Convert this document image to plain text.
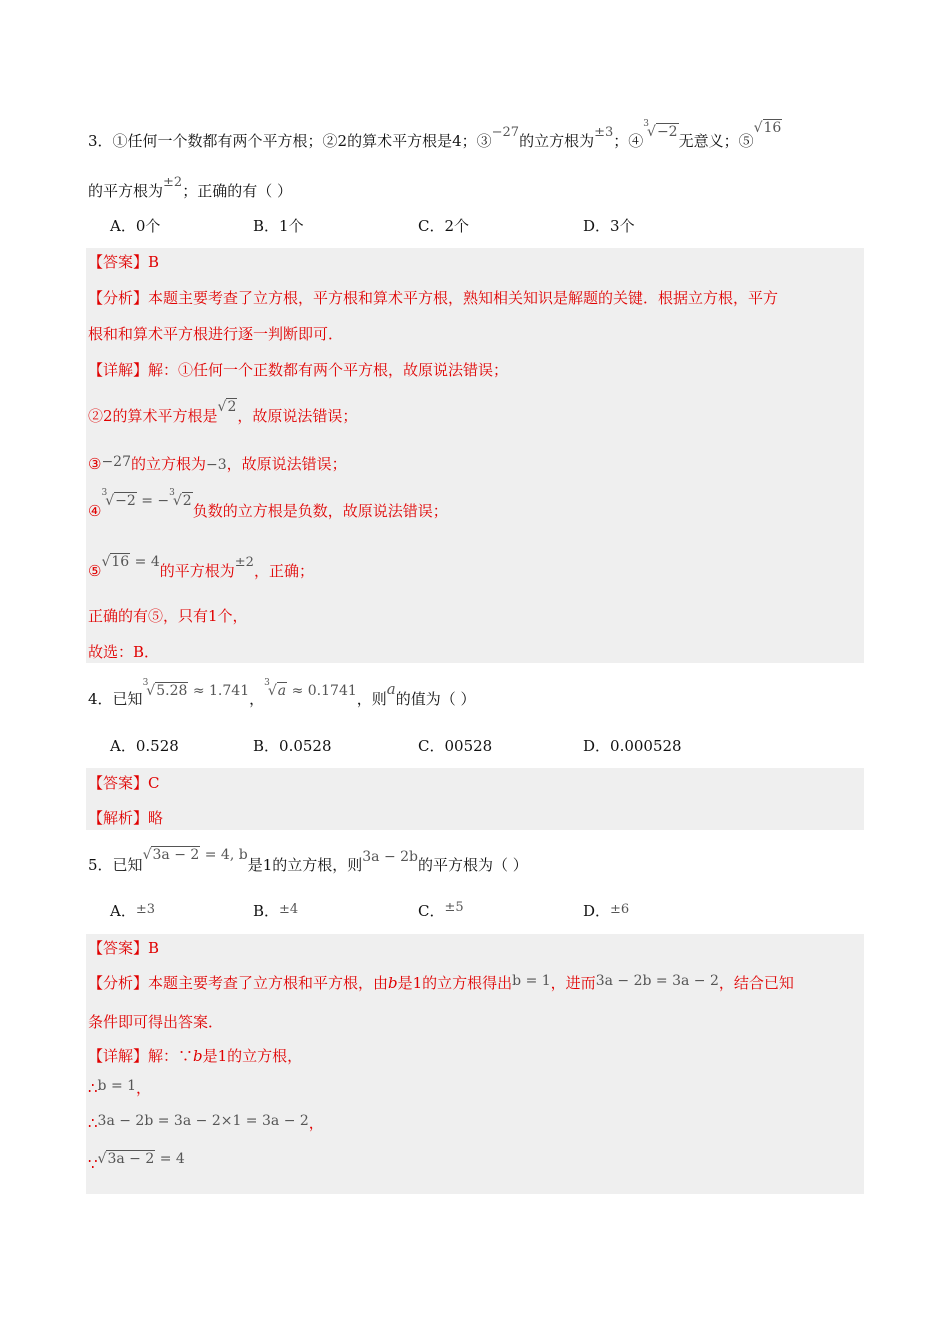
3．①任何一个数都有两个平方根；②2的算术平方根是4；③−27的立方根为±3；④$^3$√−2无意义；⑤√16
的平方根为±2；正确的有（ ）
A．0个	B．1个	C．2个	D．3个
【答案】B
【分析】本题主要考查了立方根，平方根和算术平方根，熟知相关知识是解题的关键．根据立方根，平方
根和和算术平方根进行逐一判断即可．
【详解】解：①任何一个正数都有两个平方根，故原说法错误；
②2的算术平方根是√2，故原说法错误；
③−27的立方根为−3，故原说法错误；
④$^3$√−2 = −$^3$√2负数的立方根是负数，故原说法错误；
⑤√16 = 4的平方根为±2，正确；
正确的有⑤，只有1个，
故选：B．
4．已知$^3$√5.28 ≈ 1.741，$^3$√a ≈ 0.1741，则a的值为（ ）
A．0.528	B．0.0528	C．00528	D．0.000528
【答案】C
【解析】略
5．已知√3a − 2 = 4, b是1的立方根，则3a − 2b的平方根为（ ）
A．±3	B．±4	C．±5	D．±6
【答案】B
【分析】本题主要考查了立方根和平方根，由b是1的立方根得出b = 1，进而3a − 2b = 3a − 2，结合已知
条件即可得出答案．
【详解】解：∵b是1的立方根，
∴b = 1，
∴3a − 2b = 3a − 2×1 = 3a − 2，
∵√3a − 2 = 4
